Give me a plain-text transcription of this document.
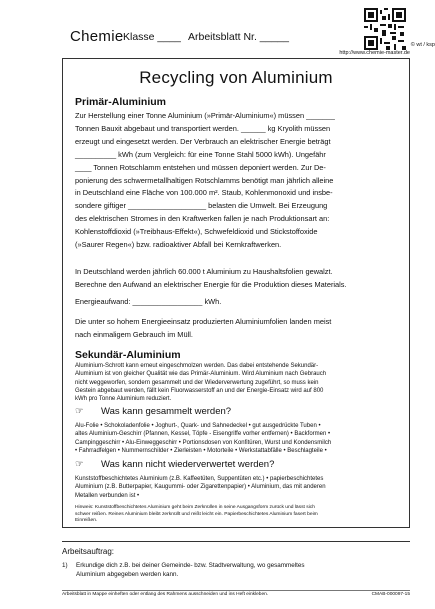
Chemie Klasse ____ Arbeitsblatt Nr. _____
© wt / ksp
http://www.chemie-master.de
Recycling von Aluminium
Primär-Aluminium
Zur Herstellung einer Tonne Aluminium (»Primär-Aluminium«) müssen _______
Tonnen Bauxit abgebaut und transportiert werden. ______ kg Kryolith müssen
erzeugt und eingesetzt werden. Der Verbrauch an elektrischer Energie beträgt
__________ kWh (zum Vergleich: für eine Tonne Stahl 5000 kWh). Ungefähr
____ Tonnen Rotschlamm entstehen und müssen deponiert werden. Zur De-
ponierung des schwermetallhaltigen Rotschlamms benötigt man jährlich alleine
in Deutschland eine Fläche von 100.000 m². Staub, Kohlenmonoxid und insbe-
sondere giftiger ___________________ belasten die Umwelt. Bei Erzeugung
des elektrischen Stromes in den Kraftwerken fallen je nach Produktionsart an:
Kohlenstoffdioxid (»Treibhaus-Effekt«), Schwefeldioxid und Stickstoffoxide
(»Saurer Regen«) bzw. radioaktiver Abfall bei Kernkraftwerken.
In Deutschland werden jährlich 60.000 t Aluminium zu Haushaltsfolien gewalzt.
Berechne den Aufwand an elektrischer Energie für die Produktion dieses Materials.
Energieaufwand: _________________ kWh.
Die unter so hohem Energieeinsatz produzierten Aluminiumfolien landen meist
nach einmaligem Gebrauch im Müll.
Sekundär-Aluminium
Aluminium-Schrott kann erneut eingeschmolzen werden. Das dabei entstehende Sekundär-
Aluminium ist von gleicher Qualität wie das Primär-Aluminium. Wird Aluminium nach Gebrauch
nicht weggeworfen, sondern gesammelt und der Wiederverwertung zugeführt, so muss kein
Gestein abgebaut werden, fällt kein Fluorwasserstoff an und der Energie-Einsatz wird auf 800
kWh pro Tonne Aluminium reduziert.
☞ Was kann gesammelt werden?
Alu-Folie • Schokoladenfolie • Joghurt-, Quark- und Sahnedeckel • gut ausgedrückte Tuben •
altes Aluminium-Geschirr (Pfannen, Kessel, Töpfe - Eisengriffe vorher entfernen) • Backformen •
Campinggeschirr • Alu-Einweggeschirr • Portionsdosen von Konfitüren, Wurst und Kondensmilch
• Fahrradfelgen • Nummernschilder • Zierleisten • Motorteile • Werkstattabfälle • Beschlagteile •
☞ Was kann nicht wiederverwertet werden?
Kunststoffbeschichtetes Aluminium (z.B. Kaffeetüten, Suppentüten etc.) • papierbeschichtetes
Aluminium (z.B. Butterpapier, Kaugummi- oder Zigarettenpapier) • Aluminium, das mit anderen
Metallen verbunden ist •
Hinweis: Kunststoffbeschichtetes Aluminium geht beim Zerknüllen in seine Ausgangsform zurück und lässt sich
schwer reißen. Reines Aluminium bleibt zerknüllt und reißt leicht ein. Papierbeschichtetes Aluminium fasert beim
Einreißen.
Arbeitsauftrag:
1) Erkundige dich z.B. bei deiner Gemeinde- bzw. Stadtverwaltung, wo gesammeltes
Aluminium abgegeben werden kann.
Arbeitsblatt in Mappe einheften oder entlang des Rahmens ausschneiden und ins Heft einkleben.	CMAB-000097-15
